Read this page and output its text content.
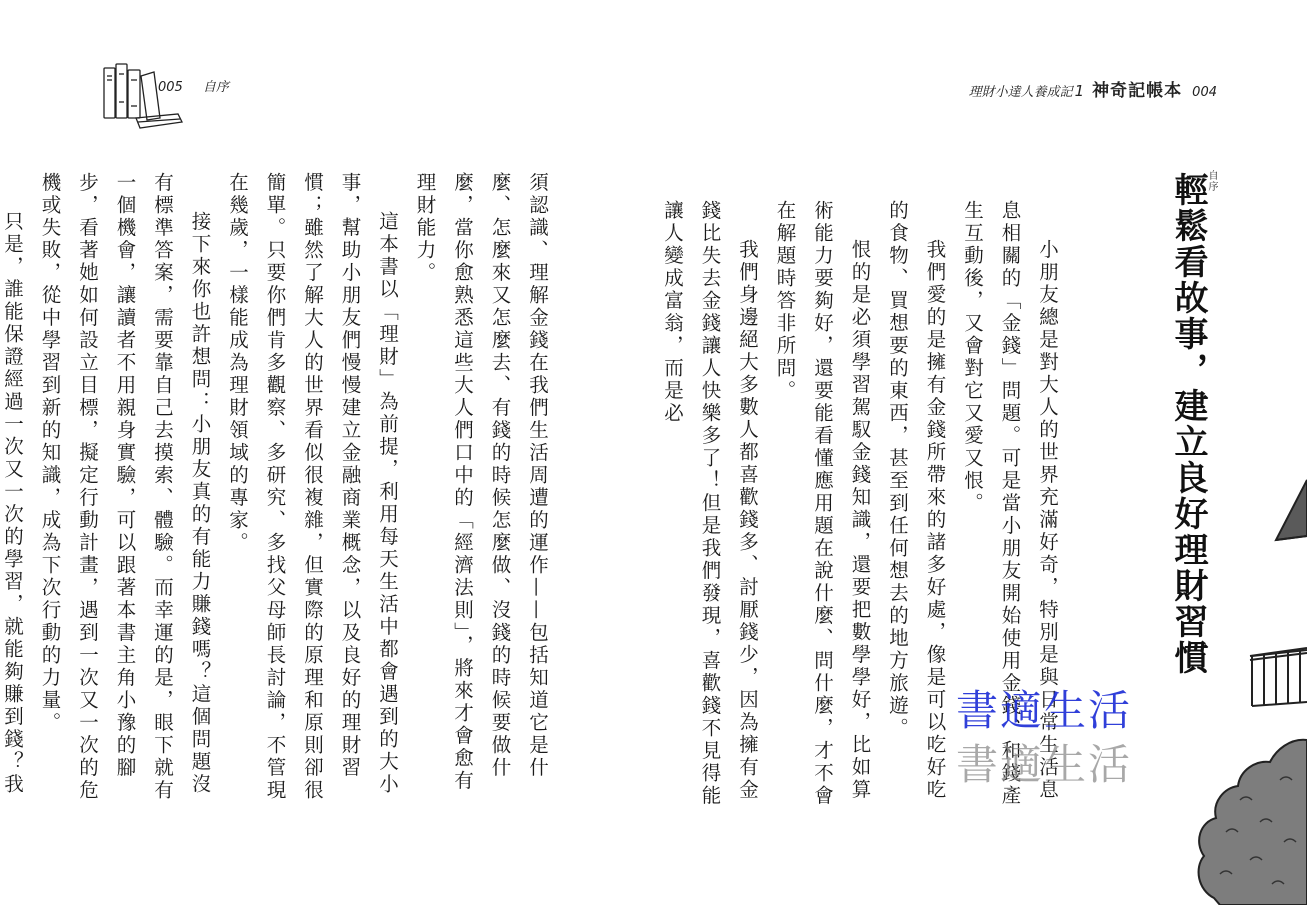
005 自序	理財小達人養成記 1 神奇記帳本 004

須認識、理解金錢在我們生活周遭的運作——包括知道它是什麼、怎麼來又怎麼去、有錢的時候怎麼做、沒錢的時候要做什麼，當你愈熟悉這些大人們口中的「經濟法則」，將來才會愈有理財能力。

這本書以「理財」為前提，利用每天生活中都會遇到的大小事，幫助小朋友們慢慢建立金融商業概念，以及良好的理財習慣；雖然了解大人的世界看似很複雜，但實際的原理和原則卻很簡單。只要你們肯多觀察、多研究、多找父母師長討論，不管現在幾歲，一樣能成為理財領域的專家。

接下來你也許想問：小朋友真的有能力賺錢嗎？這個問題沒有標準答案，需要靠自己去摸索、體驗。而幸運的是，眼下就有一個機會，讓讀者不用親身實驗，可以跟著本書主角小豫的腳步，看著她如何設立目標，擬定行動計畫，遇到一次又一次的危機或失敗，從中學習到新的知識，成為下次行動的力量。

只是，誰能保證經過一次又一次的學習，就能夠賺到錢？我

自序
輕鬆看故事，建立良好理財習慣

小朋友總是對大人的世界充滿好奇，特別是與日常生活息息相關的「金錢」問題。可是當小朋友開始使用金錢、和錢產生互動後，又會對它又愛又恨。

我們愛的是擁有金錢所帶來的諸多好處，像是可以吃好吃的食物、買想要的東西，甚至到任何想去的地方旅遊。

恨的是必須學習駕馭金錢知識，還要把數學學好，比如算術能力要夠好，還要能看懂應用題在說什麼、問什麼，才不會在解題時答非所問。

我們身邊絕大多數人都喜歡錢多、討厭錢少，因為擁有金錢比失去金錢讓人快樂多了！但是我們發現，喜歡錢不見得能讓人變成富翁，而是必

書適生活
書適生活
